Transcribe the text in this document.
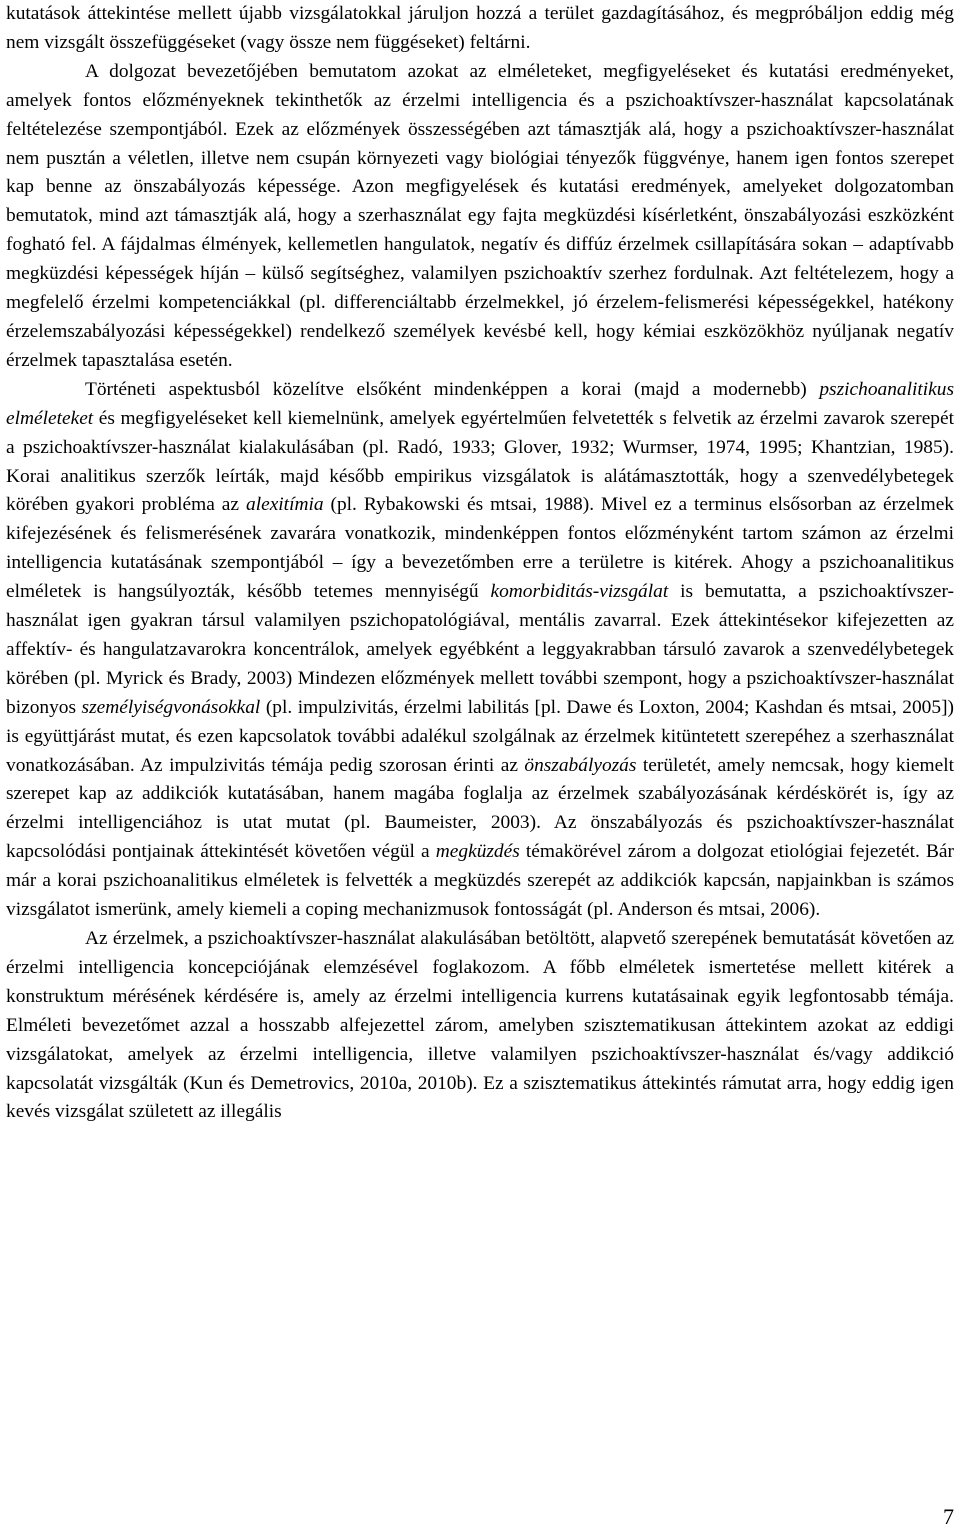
kutatások áttekintése mellett újabb vizsgálatokkal járuljon hozzá a terület gazdagításához, és megpróbáljon eddig még nem vizsgált összefüggéseket (vagy össze nem függéseket) feltárni.

A dolgozat bevezetőjében bemutatom azokat az elméleteket, megfigyeléseket és kutatási eredményeket, amelyek fontos előzményeknek tekinthetők az érzelmi intelligencia és a pszichoaktívszer-használat kapcsolatának feltételezése szempontjából. Ezek az előzmények összességében azt támasztják alá, hogy a pszichoaktívszer-használat nem pusztán a véletlen, illetve nem csupán környezeti vagy biológiai tényezők függvénye, hanem igen fontos szerepet kap benne az önszabályozás képessége. Azon megfigyelések és kutatási eredmények, amelyeket dolgozatomban bemutatok, mind azt támasztják alá, hogy a szerhasználat egy fajta megküzdési kísérletként, önszabályozási eszközként fogható fel. A fájdalmas élmények, kellemetlen hangulatok, negatív és diffúz érzelmek csillapítására sokan – adaptívabb megküzdési képességek híján – külső segítséghez, valamilyen pszichoaktív szerhez fordulnak. Azt feltételezem, hogy a megfelelő érzelmi kompetenciákkal (pl. differenciáltabb érzelmekkel, jó érzelem-felismerési képességekkel, hatékony érzelemszabályozási képességekkel) rendelkező személyek kevésbé kell, hogy kémiai eszközökhöz nyúljanak negatív érzelmek tapasztalása esetén.

Történeti aspektusból közelítve elsőként mindenképpen a korai (majd a modernebb) pszichoanalitikus elméleteket és megfigyeléseket kell kiemelnünk, amelyek egyértelműen felvetették s felvetik az érzelmi zavarok szerepét a pszichoaktívszer-használat kialakulásában (pl. Radó, 1933; Glover, 1932; Wurmser, 1974, 1995; Khantzian, 1985). Korai analitikus szerzők leírták, majd később empirikus vizsgálatok is alátámasztották, hogy a szenvedélybetegek körében gyakori probléma az alexitímia (pl. Rybakowski és mtsai, 1988). Mivel ez a terminus elsősorban az érzelmek kifejezésének és felismerésének zavarára vonatkozik, mindenképpen fontos előzményként tartom számon az érzelmi intelligencia kutatásának szempontjából – így a bevezetőmben erre a területre is kitérek. Ahogy a pszichoanalitikus elméletek is hangsúlyozták, később tetemes mennyiségű komorbiditás-vizsgálat is bemutatta, a pszichoaktívszer-használat igen gyakran társul valamilyen pszichopatológiával, mentális zavarral. Ezek áttekintésekor kifejezetten az affektív- és hangulatzavarokra koncentrálok, amelyek egyébként a leggyakrabban társuló zavarok a szenvedélybetegek körében (pl. Myrick és Brady, 2003) Mindezen előzmények mellett további szempont, hogy a pszichoaktívszer-használat bizonyos személyiségvonásokkal (pl. impulzivitás, érzelmi labilitás [pl. Dawe és Loxton, 2004; Kashdan és mtsai, 2005]) is együttjárást mutat, és ezen kapcsolatok további adalékul szolgálnak az érzelmek kitüntetett szerepéhez a szerhasználat vonatkozásában. Az impulzivitás témája pedig szorosan érinti az önszabályozás területét, amely nemcsak, hogy kiemelt szerepet kap az addikciók kutatásában, hanem magába foglalja az érzelmek szabályozásának kérdéskörét is, így az érzelmi intelligenciához is utat mutat (pl. Baumeister, 2003). Az önszabályozás és pszichoaktívszer-használat kapcsolódási pontjainak áttekintését követően végül a megküzdés témakörével zárom a dolgozat etiológiai fejezetét. Bár már a korai pszichoanalitikus elméletek is felvették a megküzdés szerepét az addikciók kapcsán, napjainkban is számos vizsgálatot ismerünk, amely kiemeli a coping mechanizmusok fontosságát (pl. Anderson és mtsai, 2006).

Az érzelmek, a pszichoaktívszer-használat alakulásában betöltött, alapvető szerepének bemutatását követően az érzelmi intelligencia koncepciójának elemzésével foglakozom. A főbb elméletek ismertetése mellett kitérek a konstruktum mérésének kérdésére is, amely az érzelmi intelligencia kurrens kutatásainak egyik legfontosabb témája. Elméleti bevezetőmet azzal a hosszabb alfejezettel zárom, amelyben szisztematikusan áttekintem azokat az eddigi vizsgálatokat, amelyek az érzelmi intelligencia, illetve valamilyen pszichoaktívszer-használat és/vagy addikció kapcsolatát vizsgálták (Kun és Demetrovics, 2010a, 2010b). Ez a szisztematikus áttekintés rámutat arra, hogy eddig igen kevés vizsgálat született az illegális

7
